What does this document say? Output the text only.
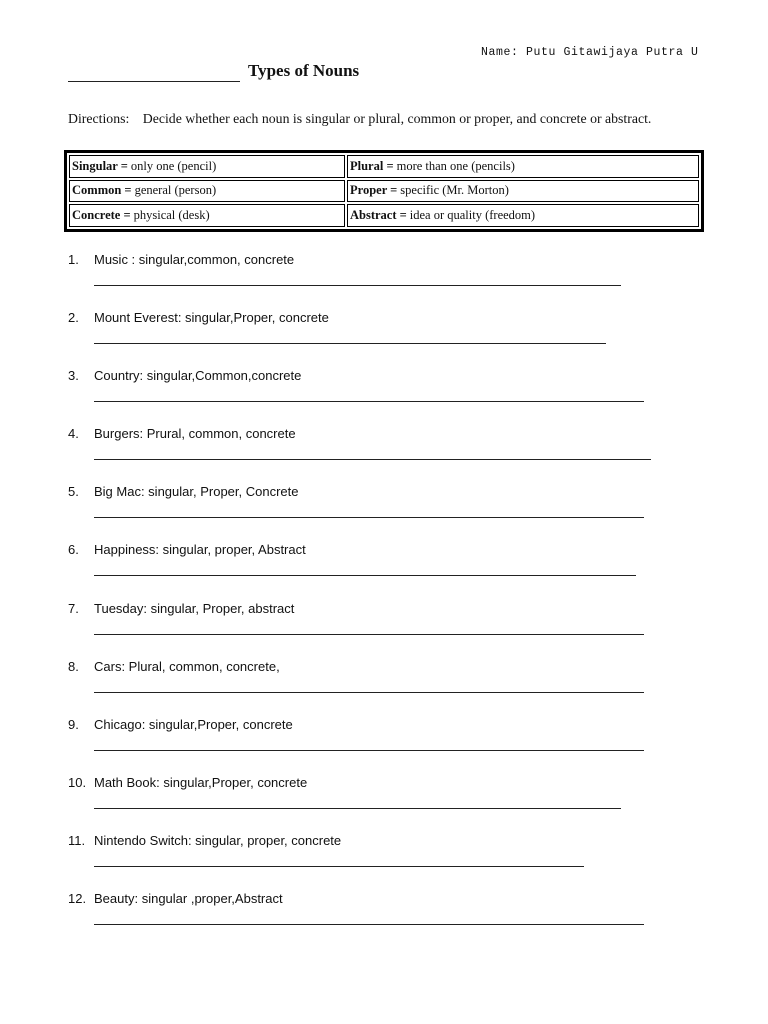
Name: Putu Gitawijaya Putra U
Types of Nouns
Directions: Decide whether each noun is singular or plural, common or proper, and concrete or abstract.
Singular = only one (pencil)	Plural = more than one (pencils)
Common = general (person)	Proper = specific (Mr. Morton)
Concrete = physical (desk)	Abstract = idea or quality (freedom)
1. Music : singular,common, concrete
2. Mount Everest: singular,Proper, concrete
3. Country: singular,Common,concrete
4. Burgers: Prural, common, concrete
5. Big Mac: singular, Proper, Concrete
6. Happiness: singular, proper, Abstract
7. Tuesday: singular, Proper, abstract
8. Cars: Plural, common, concrete,
9. Chicago: singular,Proper, concrete
10. Math Book: singular,Proper, concrete
11. Nintendo Switch: singular, proper, concrete
12. Beauty: singular ,proper,Abstract
